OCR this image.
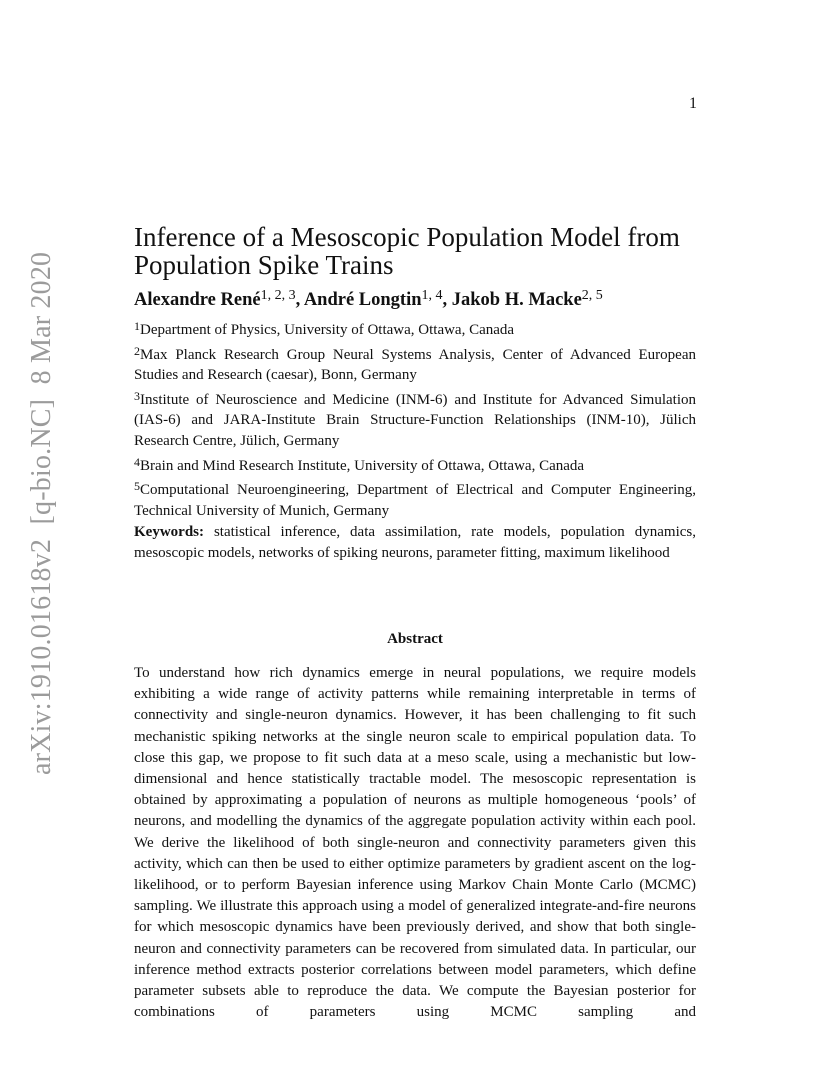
1
arXiv:1910.01618v2  [q-bio.NC]  8 Mar 2020
Inference of a Mesoscopic Population Model from Population Spike Trains
Alexandre René$^{1, 2, 3}$, André Longtin$^{1, 4}$, Jakob H. Macke$^{2, 5}$

$^1$Department of Physics, University of Ottawa, Ottawa, Canada

$^2$Max Planck Research Group Neural Systems Analysis, Center of Advanced European Studies and Research (caesar), Bonn, Germany

$^3$Institute of Neuroscience and Medicine (INM-6) and Institute for Advanced Simulation (IAS-6) and JARA-Institute Brain Structure-Function Relationships (INM-10), Jülich Research Centre, Jülich, Germany

$^4$Brain and Mind Research Institute, University of Ottawa, Ottawa, Canada

$^5$Computational Neuroengineering, Department of Electrical and Computer Engineering, Technical University of Munich, Germany

Keywords: statistical inference, data assimilation, rate models, population dynamics, mesoscopic models, networks of spiking neurons, parameter fitting, maximum likelihood

Abstract

To understand how rich dynamics emerge in neural populations, we require models exhibiting a wide range of activity patterns while remaining interpretable in terms of connectivity and single-neuron dynamics. However, it has been challenging to fit such mechanistic spiking networks at the single neuron scale to empirical population data. To close this gap, we propose to fit such data at a meso scale, using a mechanistic but low-dimensional and hence statistically tractable model. The mesoscopic representation is obtained by approximating a population of neurons as multiple homogeneous ‘pools’ of neurons, and modelling the dynamics of the aggregate population activity within each pool. We derive the likelihood of both single-neuron and connectivity parameters given this activity, which can then be used to either optimize parameters by gradient ascent on the log-likelihood, or to perform Bayesian inference using Markov Chain Monte Carlo (MCMC) sampling. We illustrate this approach using a model of generalized integrate-and-fire neurons for which mesoscopic dynamics have been previously derived, and show that both single-neuron and connectivity parameters can be recovered from simulated data. In particular, our inference method extracts posterior correlations between model parameters, which define parameter subsets able to reproduce the data. We compute the Bayesian posterior for combinations of parameters using MCMC sampling and
